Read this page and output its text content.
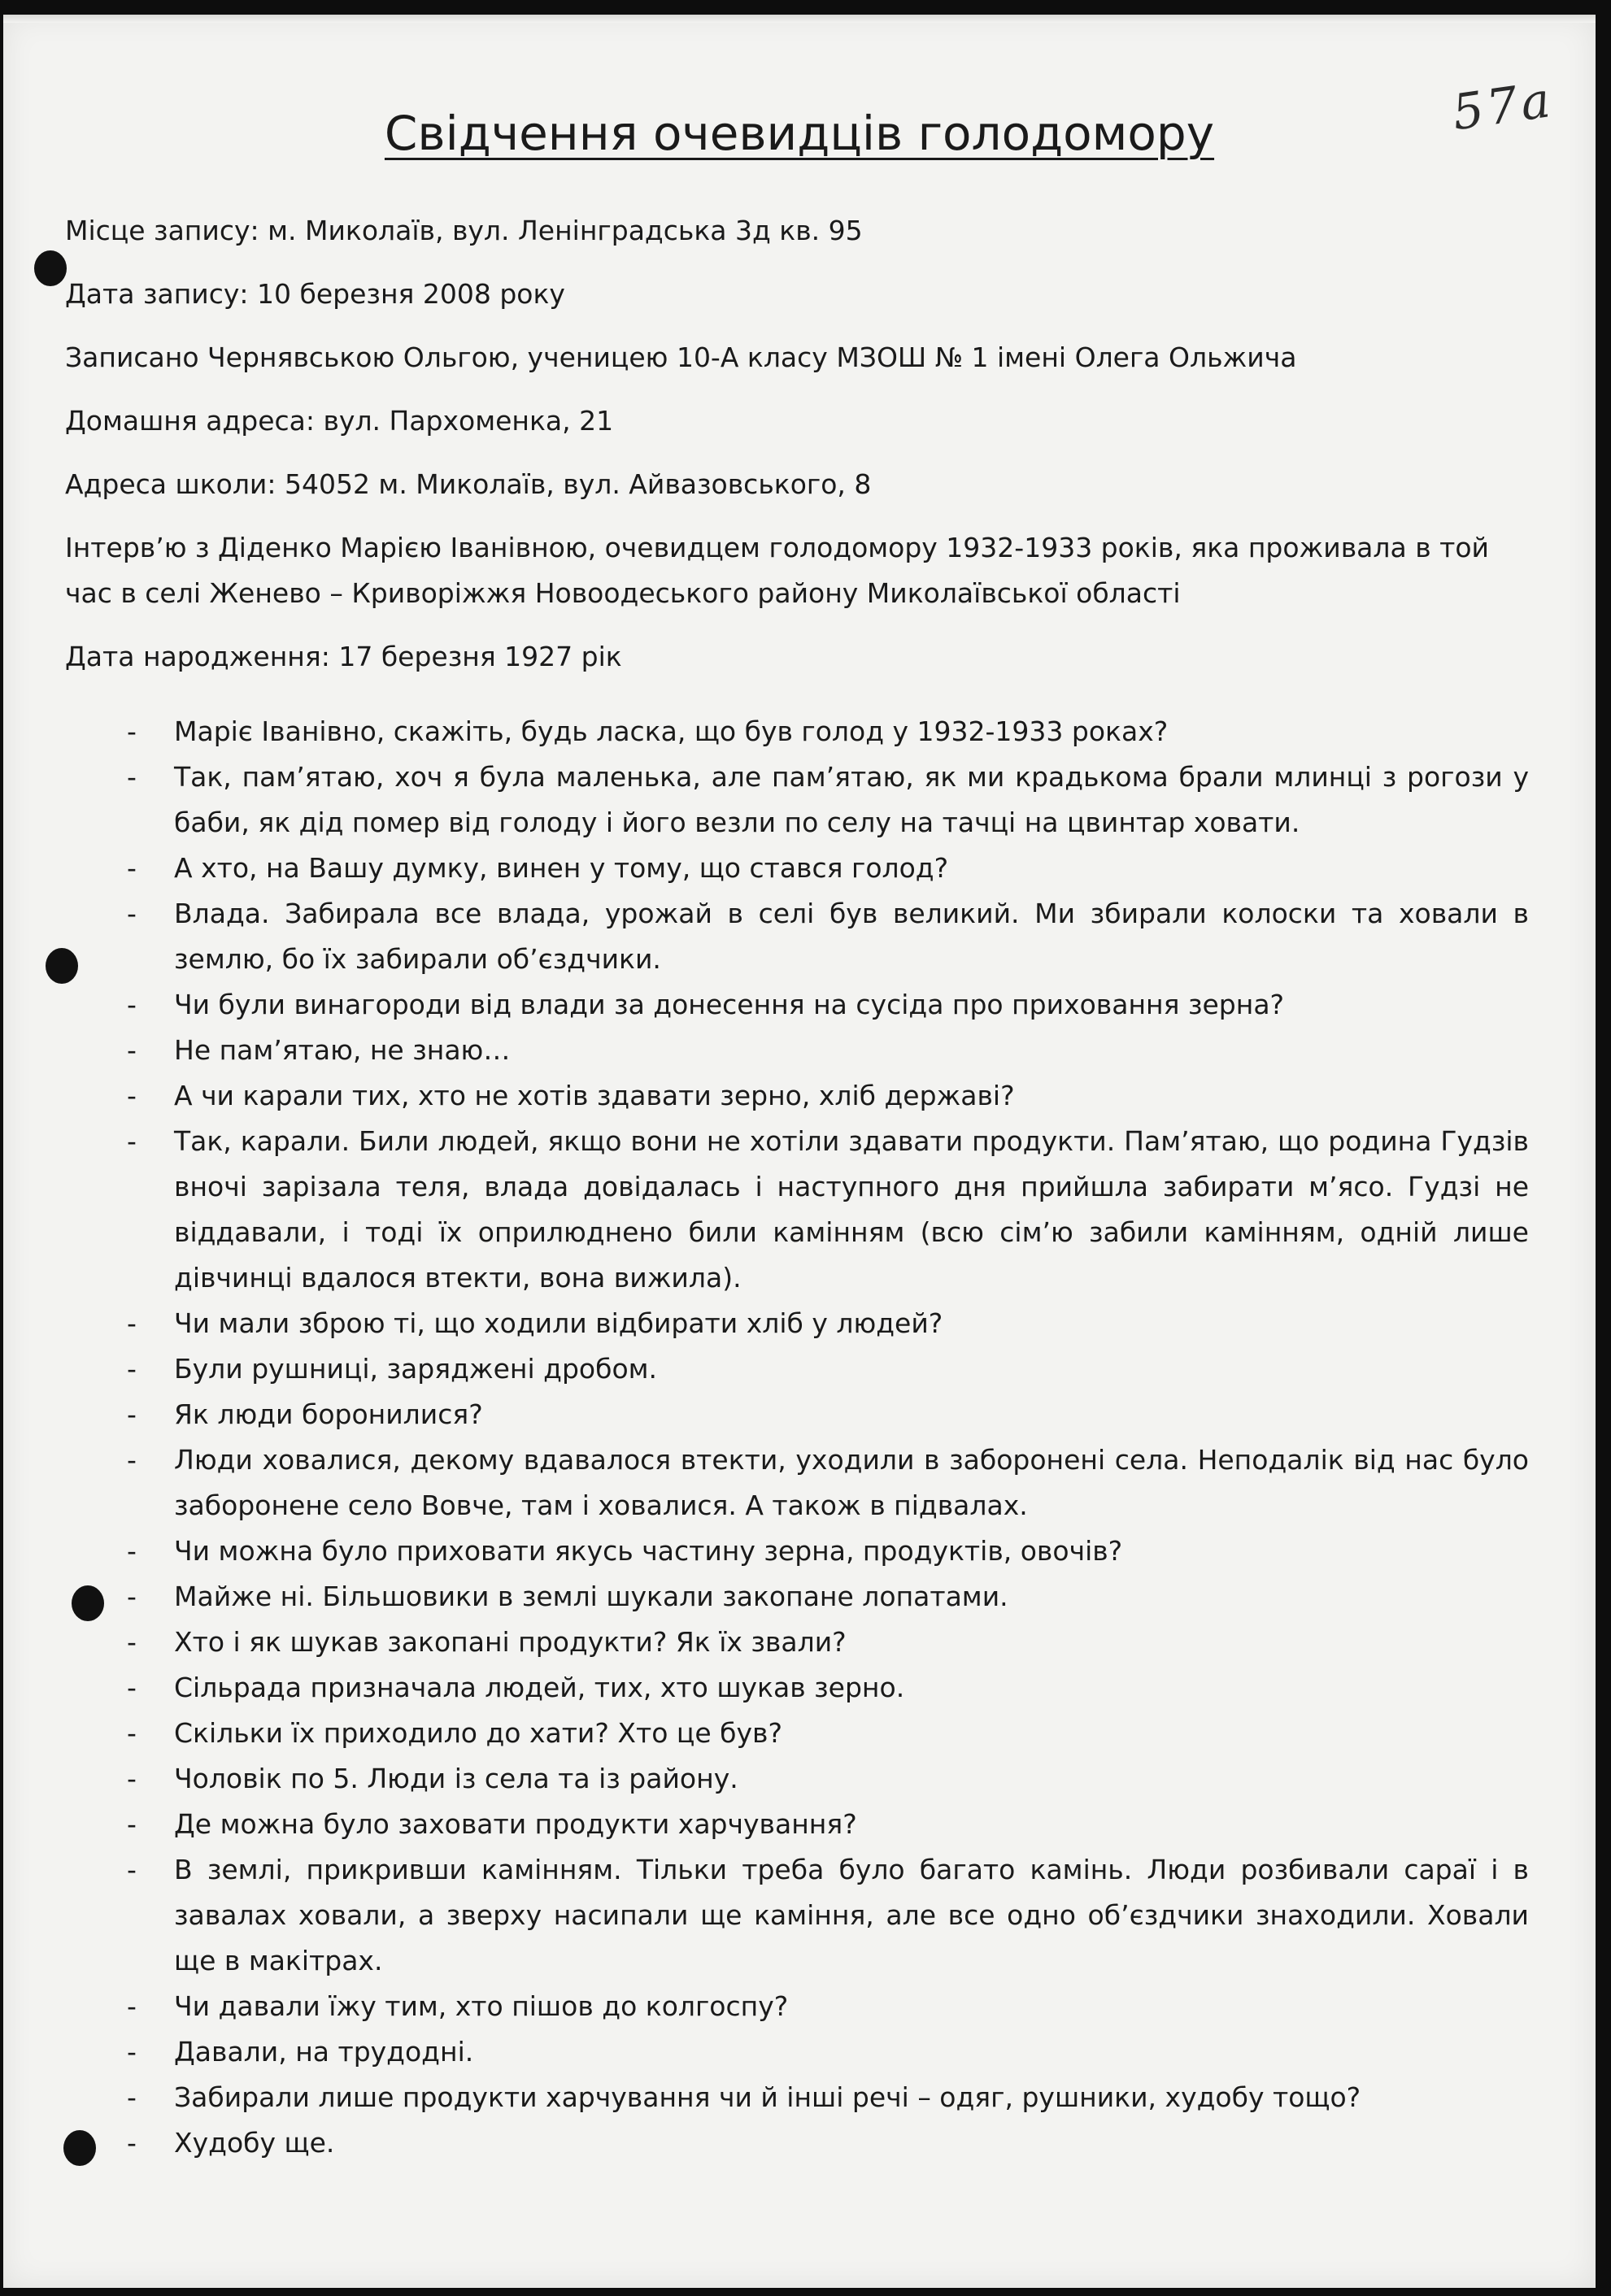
57a
Свідчення очевидців голодомору
Місце запису: м. Миколаїв, вул. Ленінградська 3д кв. 95
Дата запису: 10 березня 2008 року
Записано Чернявською Ольгою, ученицею 10-А класу МЗОШ № 1 імені Олега Ольжича
Домашня адреса: вул. Пархоменка, 21
Адреса школи: 54052 м. Миколаїв, вул. Айвазовського, 8
Інтерв’ю з Діденко Марією Іванівною, очевидцем голодомору 1932-1933 років, яка проживала в той час в селі Женево – Криворіжжя Новоодеського району Миколаївської області
Дата народження: 17 березня 1927 рік
- Маріє Іванівно, скажіть, будь ласка, що був голод у 1932-1933 роках?
- Так, пам’ятаю, хоч я була маленька, але пам’ятаю, як ми крадькома брали млинці з рогози у баби, як дід помер від голоду і його везли по селу на тачці на цвинтар ховати.
- А хто, на Вашу думку, винен у тому, що стався голод?
- Влада. Забирала все влада, урожай в селі був великий. Ми збирали колоски та ховали в землю, бо їх забирали об’єздчики.
- Чи були винагороди від влади за донесення на сусіда про приховання зерна?
- Не пам’ятаю, не знаю…
- А чи карали тих, хто не хотів здавати зерно, хліб державі?
- Так, карали. Били людей, якщо вони не хотіли здавати продукти. Пам’ятаю, що родина Гудзів вночі зарізала теля, влада довідалась і наступного дня прийшла забирати м’ясо. Гудзі не віддавали, і тоді їх оприлюднено били камінням (всю сім’ю забили камінням, одній лише дівчинці вдалося втекти, вона вижила).
- Чи мали зброю ті, що ходили відбирати хліб у людей?
- Були рушниці, заряджені дробом.
- Як люди боронилися?
- Люди ховалися, декому вдавалося втекти, уходили в заборонені села. Неподалік від нас було заборонене село Вовче, там і ховалися. А також в підвалах.
- Чи можна було приховати якусь частину зерна, продуктів, овочів?
- Майже ні. Більшовики в землі шукали закопане лопатами.
- Хто і як шукав закопані продукти? Як їх звали?
- Сільрада призначала людей, тих, хто шукав зерно.
- Скільки їх приходило до хати? Хто це був?
- Чоловік по 5. Люди із села та із району.
- Де можна було заховати продукти харчування?
- В землі, прикривши камінням. Тільки треба було багато камінь. Люди розбивали сараї і в завалах ховали, а зверху насипали ще каміння, але все одно об’єздчики знаходили. Ховали ще в макітрах.
- Чи давали їжу тим, хто пішов до колгоспу?
- Давали, на трудодні.
- Забирали лише продукти харчування чи й інші речі – одяг, рушники, худобу тощо?
- Худобу ще.
